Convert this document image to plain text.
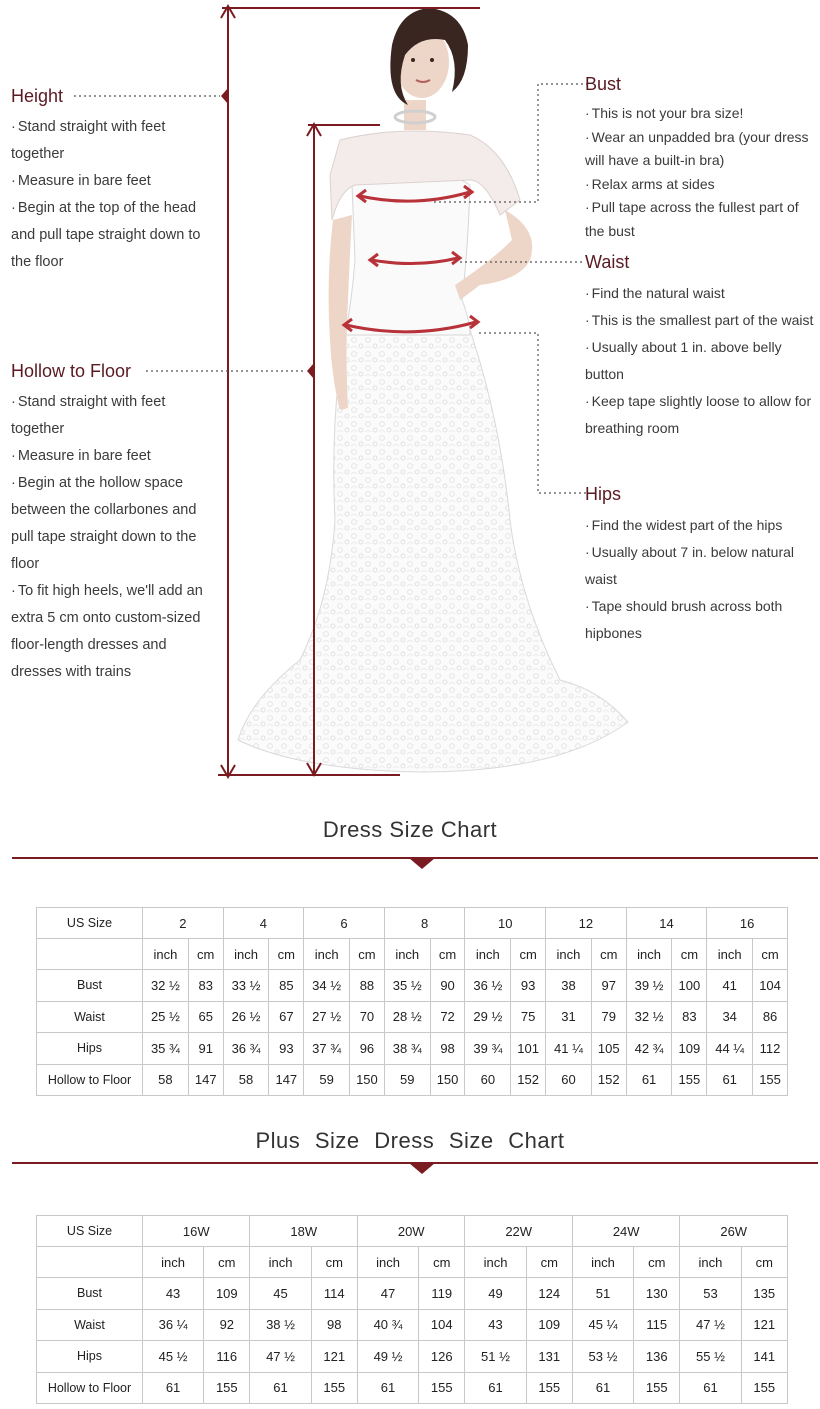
Height
· Stand straight with feet together
· Measure in bare feet
· Begin at the top of the head and pull tape straight down to the floor
Hollow to Floor
· Stand straight with feet together
· Measure in bare feet
· Begin at the hollow space between the collarbones and pull tape straight down to the floor
· To fit high heels, we'll add an extra 5 cm onto custom-sized floor-length dresses and dresses with trains
Bust
· This is not your bra size!
· Wear an unpadded bra (your dress will have a built-in bra)
· Relax arms at sides
· Pull tape across the fullest part of the bust
Waist
· Find the natural waist
· This is the smallest part of the waist
· Usually about 1 in. above belly button
· Keep tape slightly loose to allow for breathing room
Hips
· Find the widest part of the hips
· Usually about 7 in. below natural waist
· Tape should brush across both hipbones
Dress Size Chart
US Size	2		4		6		8		10		12		14		16	
	inch	cm	inch	cm	inch	cm	inch	cm	inch	cm	inch	cm	inch	cm	inch	cm
Bust	32 ½	83	33 ½	85	34 ½	88	35 ½	90	36 ½	93	38	97	39 ½	100	41	104
Waist	25 ½	65	26 ½	67	27 ½	70	28 ½	72	29 ½	75	31	79	32 ½	83	34	86
Hips	35 ¾	91	36 ¾	93	37 ¾	96	38 ¾	98	39 ¾	101	41 ¼	105	42 ¾	109	44 ¼	112
Hollow to Floor	58	147	58	147	59	150	59	150	60	152	60	152	61	155	61	155
Plus Size Dress Size Chart
US Size	16W		18W		20W		22W		24W		26W	
	inch	cm	inch	cm	inch	cm	inch	cm	inch	cm	inch	cm
Bust	43	109	45	114	47	119	49	124	51	130	53	135
Waist	36 ¼	92	38 ½	98	40 ¾	104	43	109	45 ¼	115	47 ½	121
Hips	45 ½	116	47 ½	121	49 ½	126	51 ½	131	53 ½	136	55 ½	141
Hollow to Floor	61	155	61	155	61	155	61	155	61	155	61	155
